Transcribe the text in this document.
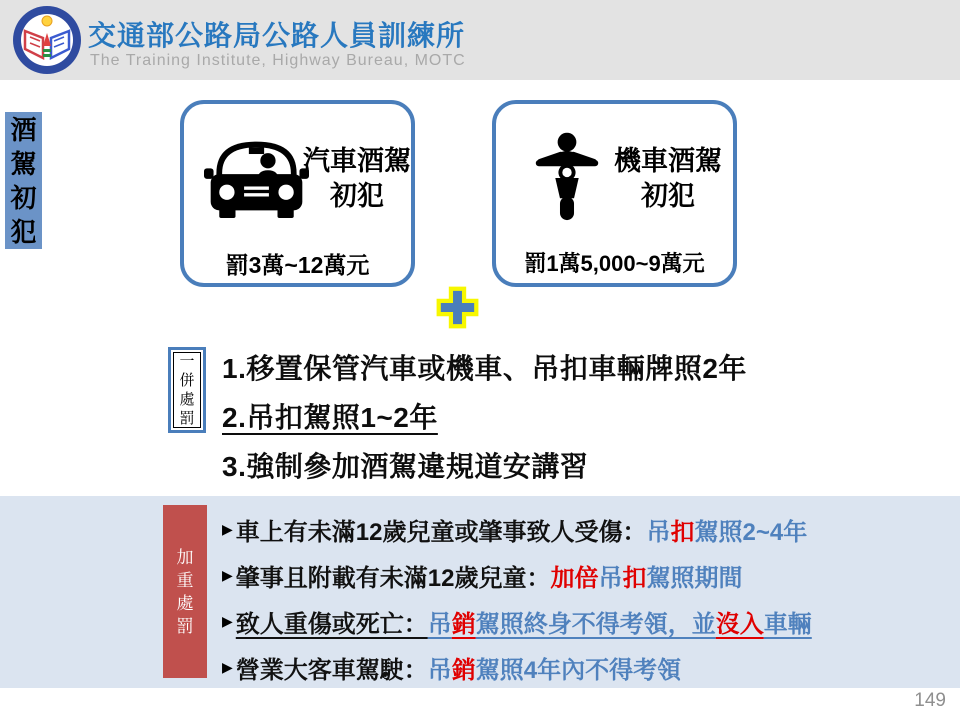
交通部公路局公路人員訓練所
The Training Institute, Highway Bureau, MOTC
酒
駕
初
犯
汽車酒駕
初犯
罰3萬~12萬元
機車酒駕
初犯
罰1萬5,000~9萬元
一
併
處
罰
1.移置保管汽車或機車、吊扣車輛牌照2年
2.吊扣駕照1~2年
3.強制參加酒駕違規道安講習
加
重
處
罰
▶ 車上有未滿12歲兒童或肇事致人受傷： 吊 扣 駕照2~4年
▶ 肇事且附載有未滿12歲兒童： 加倍 吊 扣 駕照期間
▶ 致人重傷或死亡： 吊 銷 駕照終身不得考領，並 沒入 車輛
▶ 營業大客車駕駛： 吊 銷 駕照4年內不得考領
149
